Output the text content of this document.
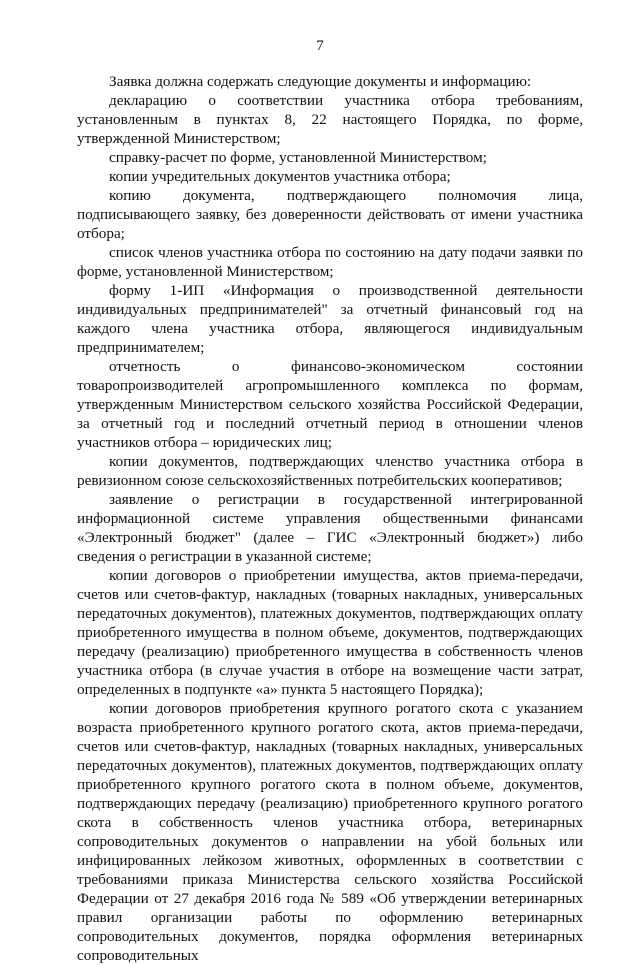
7

Заявка должна содержать следующие документы и информацию:

декларацию о соответствии участника отбора требованиям, установленным в пунктах 8, 22 настоящего Порядка, по форме, утвержденной Министерством;

справку-расчет по форме, установленной Министерством;

копии учредительных документов участника отбора;

копию документа, подтверждающего полномочия лица, подписывающего заявку, без доверенности действовать от имени участника отбора;

список членов участника отбора по состоянию на дату подачи заявки по форме, установленной Министерством;

форму 1-ИП «Информация о производственной деятельности индивидуальных предпринимателей" за отчетный финансовый год на каждого члена участника отбора, являющегося индивидуальным предпринимателем;

отчетность о финансово-экономическом состоянии товаропроизводителей агропромышленного комплекса по формам, утвержденным Министерством сельского хозяйства Российской Федерации, за отчетный год и последний отчетный период в отношении членов участников отбора – юридических лиц;

копии документов, подтверждающих членство участника отбора в ревизионном союзе сельскохозяйственных потребительских кооперативов;

заявление о регистрации в государственной интегрированной информационной системе управления общественными финансами «Электронный бюджет" (далее – ГИС «Электронный бюджет») либо сведения о регистрации в указанной системе;

копии договоров о приобретении имущества, актов приема-передачи, счетов или счетов-фактур, накладных (товарных накладных, универсальных передаточных документов), платежных документов, подтверждающих оплату приобретенного имущества в полном объеме, документов, подтверждающих передачу (реализацию) приобретенного имущества в собственность членов участника отбора (в случае участия в отборе на возмещение части затрат, определенных в подпункте «а» пункта 5 настоящего Порядка);

копии договоров приобретения крупного рогатого скота с указанием возраста приобретенного крупного рогатого скота, актов приема-передачи, счетов или счетов-фактур, накладных (товарных накладных, универсальных передаточных документов), платежных документов, подтверждающих оплату приобретенного крупного рогатого скота в полном объеме, документов, подтверждающих передачу (реализацию) приобретенного крупного рогатого скота в собственность членов участника отбора, ветеринарных сопроводительных документов о направлении на убой больных или инфицированных лейкозом животных, оформленных в соответствии с требованиями приказа Министерства сельского хозяйства Российской Федерации от 27 декабря 2016 года № 589 «Об утверждении ветеринарных правил организации работы по оформлению ветеринарных сопроводительных документов, порядка оформления ветеринарных сопроводительных
